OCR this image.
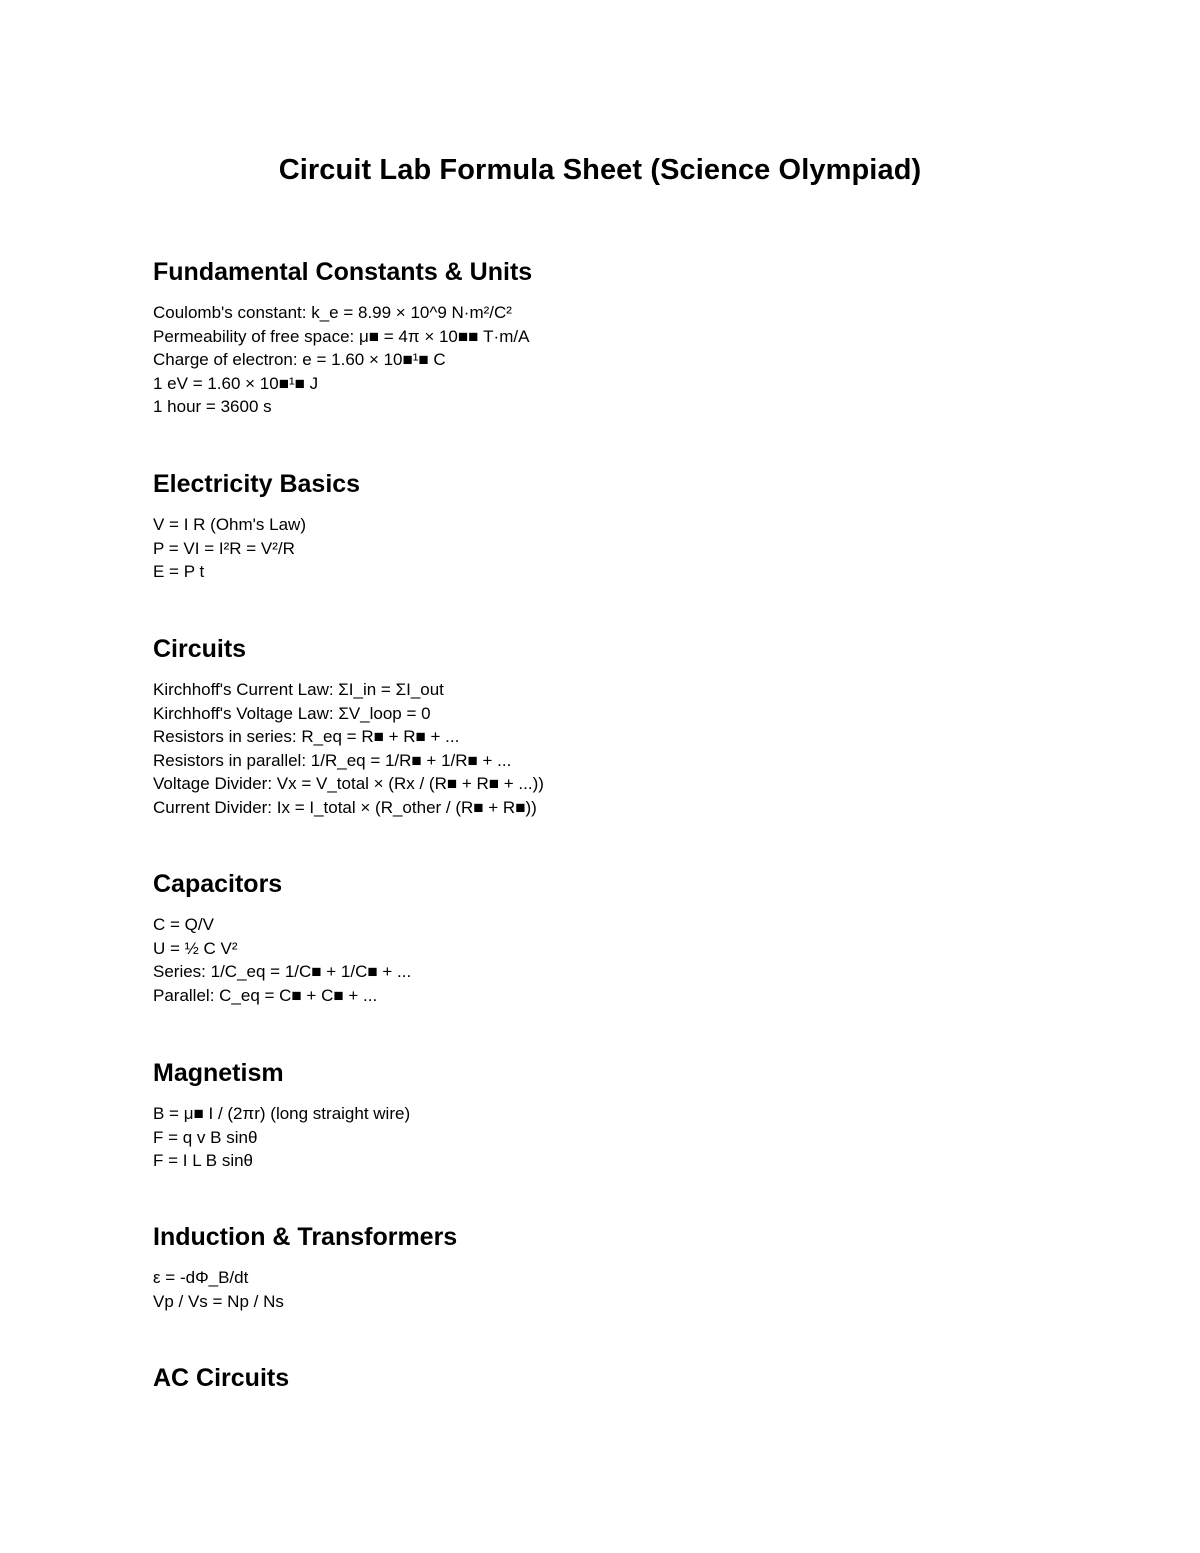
Circuit Lab Formula Sheet (Science Olympiad)
Fundamental Constants & Units

Coulomb's constant: k_e = 8.99 × 10^9 N·m²/C²

Permeability of free space: μ■ = 4π × 10■■ T·m/A

Charge of electron: e = 1.60 × 10■¹■ C

1 eV = 1.60 × 10■¹■ J

1 hour = 3600 s

Electricity Basics

V = I R (Ohm's Law)

P = VI = I²R = V²/R

E = P t

Circuits

Kirchhoff's Current Law: ΣI_in = ΣI_out

Kirchhoff's Voltage Law: ΣV_loop = 0

Resistors in series: R_eq = R■ + R■ + ...

Resistors in parallel: 1/R_eq = 1/R■ + 1/R■ + ...

Voltage Divider: Vx = V_total × (Rx / (R■ + R■ + ...))

Current Divider: Ix = I_total × (R_other / (R■ + R■))

Capacitors

C = Q/V

U = ½ C V²

Series: 1/C_eq = 1/C■ + 1/C■ + ...

Parallel: C_eq = C■ + C■ + ...

Magnetism

B = μ■ I / (2πr) (long straight wire)

F = q v B sinθ

F = I L B sinθ

Induction & Transformers

ε = -dΦ_B/dt

Vp / Vs = Np / Ns

AC Circuits
